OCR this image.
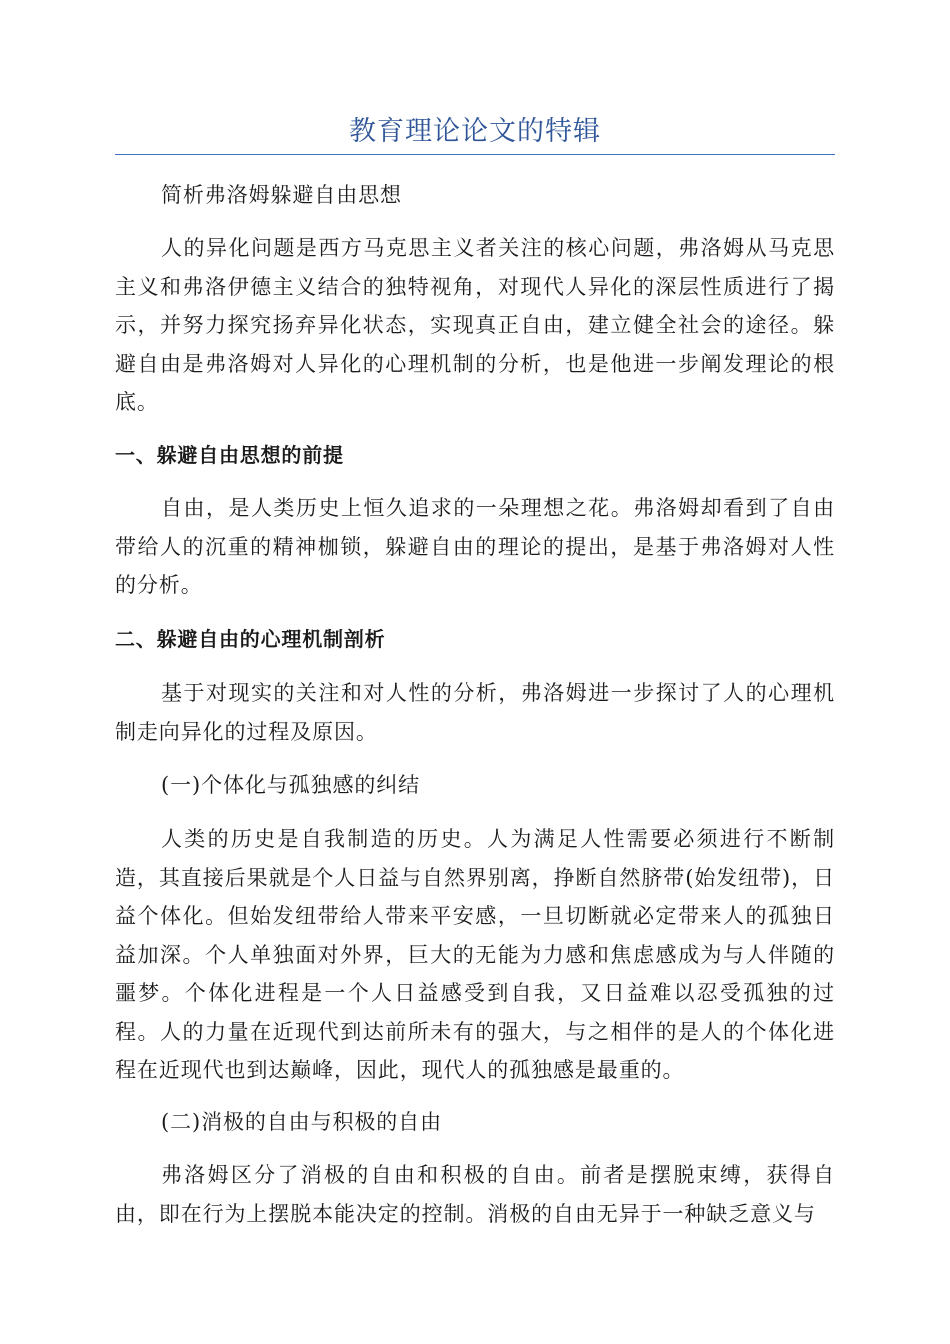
教育理论论文的特辑

简析弗洛姆躲避自由思想

人的异化问题是西方马克思主义者关注的核心问题，弗洛姆从马克思主义和弗洛伊德主义结合的独特视角，对现代人异化的深层性质进行了揭示，并努力探究扬弃异化状态，实现真正自由，建立健全社会的途径。躲避自由是弗洛姆对人异化的心理机制的分析，也是他进一步阐发理论的根底。

一、躲避自由思想的前提

自由，是人类历史上恒久追求的一朵理想之花。弗洛姆却看到了自由带给人的沉重的精神枷锁，躲避自由的理论的提出，是基于弗洛姆对人性的分析。

二、躲避自由的心理机制剖析

基于对现实的关注和对人性的分析，弗洛姆进一步探讨了人的心理机制走向异化的过程及原因。

(一)个体化与孤独感的纠结

人类的历史是自我制造的历史。人为满足人性需要必须进行不断制造，其直接后果就是个人日益与自然界别离，挣断自然脐带(始发纽带)，日益个体化。但始发纽带给人带来平安感，一旦切断就必定带来人的孤独日益加深。个人单独面对外界，巨大的无能为力感和焦虑感成为与人伴随的噩梦。个体化进程是一个人日益感受到自我，又日益难以忍受孤独的过程。人的力量在近现代到达前所未有的强大，与之相伴的是人的个体化进程在近现代也到达巅峰，因此，现代人的孤独感是最重的。

(二)消极的自由与积极的自由

弗洛姆区分了消极的自由和积极的自由。前者是摆脱束缚，获得自由，即在行为上摆脱本能决定的控制。消极的自由无异于一种缺乏意义与
